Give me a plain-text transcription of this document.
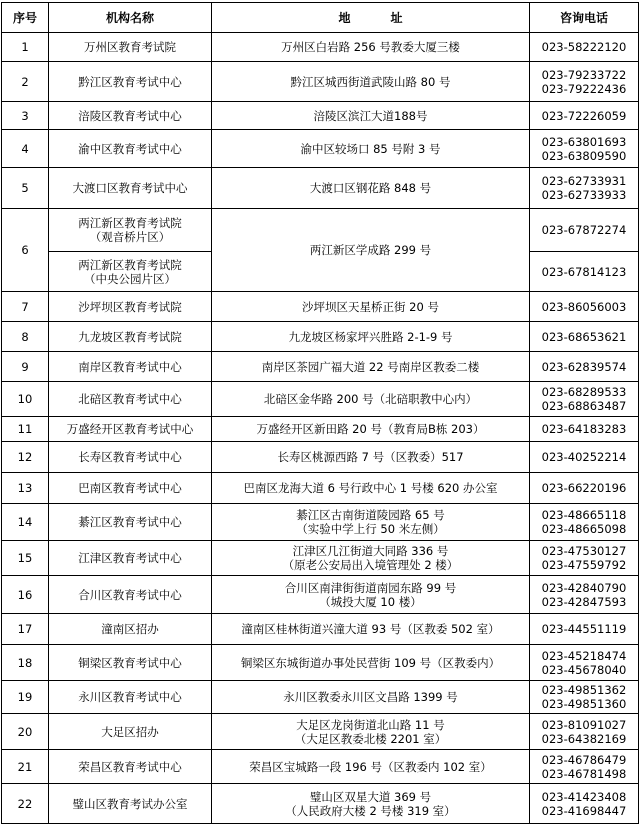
序号	机构名称	地 址	咨询电话
1	万州区教育考试院	万州区白岩路 256 号教委大厦三楼	023-58222120

2	黔江区教育考试中心	黔江区城西街道武陵山路 80 号	023-79233722
023-79222436

3	涪陵区教育考试中心	涪陵区滨江大道188号	023-72226059

4	渝中区教育考试中心	渝中区较场口 85 号附 3 号	023-63801693
023-63809590

5	大渡口区教育考试中心	大渡口区钢花路 848 号	023-62733931
023-62733933

6	两江新区教育考试院
（观音桥片区）	两江新区学成路 299 号	023-67872274

	两江新区教育考试院
（中央公园片区）		023-67814123

7	沙坪坝区教育考试院	沙坪坝区天星桥正街 20 号	023-86056003

8	九龙坡区教育考试院	九龙坡区杨家坪兴胜路 2-1-9 号	023-68653621

9	南岸区教育考试中心	南岸区茶园广福大道 22 号南岸区教委二楼	023-62839574

10	北碚区教育考试中心	北碚区金华路 200 号（北碚职教中心内）	023-68289533
023-68863487

11	万盛经开区教育考试中心	万盛经开区新田路 20 号（教育局B栋 203）	023-64183283

12	长寿区教育考试中心	长寿区桃源西路 7 号（区教委）517	023-40252214

13	巴南区教育考试中心	巴南区龙海大道 6 号行政中心 1 号楼 620 办公室	023-66220196

14	綦江区教育考试中心	綦江区古南街道陵园路 65 号
（实验中学上行 50 米左侧）	023-48665118
023-48665098

15	江津区教育考试中心	江津区几江街道大同路 336 号
（原老公安局出入境管理处 2 楼）	023-47530127
023-47559792

16	合川区教育考试中心	合川区南津街街道南园东路 99 号
（城投大厦 10 楼）	023-42840790
023-42847593

17	潼南区招办	潼南区桂林街道兴潼大道 93 号（区教委 502 室）	023-44551119

18	铜梁区教育考试中心	铜梁区东城街道办事处民营街 109 号（区教委内）	023-45218474
023-45678040

19	永川区教育考试中心	永川区教委永川区文昌路 1399 号	023-49851362
023-49851360

20	大足区招办	大足区龙岗街道北山路 11 号
（大足区教委北楼 2201 室）	023-81091027
023-64382169

21	荣昌区教育考试中心	荣昌区宝城路一段 196 号（区教委内 102 室）	023-46786479
023-46781498

22	璧山区教育考试办公室	璧山区双星大道 369 号
（人民政府大楼 2 号楼 319 室）	023-41423408
023-41698447
